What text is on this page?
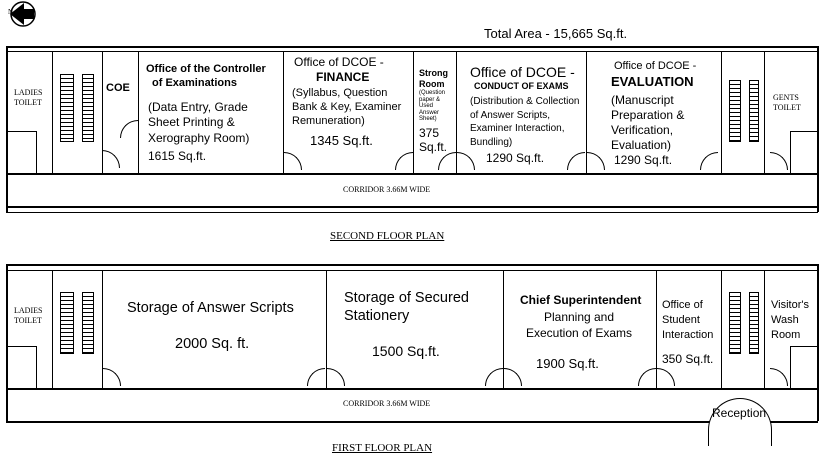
N
Total Area - 15,665 Sq.ft.
LADIES
TOILET
COE
Office of the Controller
of Examinations
(Data Entry, Grade
Sheet Printing &
Xerography Room)
1615 Sq.ft.
Office of DCOE -
FINANCE
(Syllabus, Question
Bank & Key, Examiner
Remuneration)
1345 Sq.ft.
Strong
Room
(Question
paper &
Used
Answer
Sheet)
375
Sq.ft.
Office of DCOE -
CONDUCT OF EXAMS
(Distribution & Collection
of Answer Scripts,
Examiner Interaction,
Bundling)
1290 Sq.ft.
Office of DCOE -
EVALUATION
(Manuscript
Preparation &
Verification,
Evaluation)
1290 Sq.ft.
GENTS
TOILET
CORRIDOR 3.66M WIDE
SECOND FLOOR PLAN
Reception
LADIES
TOILET
Storage of Answer Scripts
2000 Sq. ft.
Storage of Secured
Stationery
1500 Sq.ft.
Chief Superintendent
Planning and
Execution of Exams
1900 Sq.ft.
Office of
Student
Interaction
350 Sq.ft.
Visitor's
Wash
Room
CORRIDOR 3.66M WIDE
FIRST FLOOR PLAN
